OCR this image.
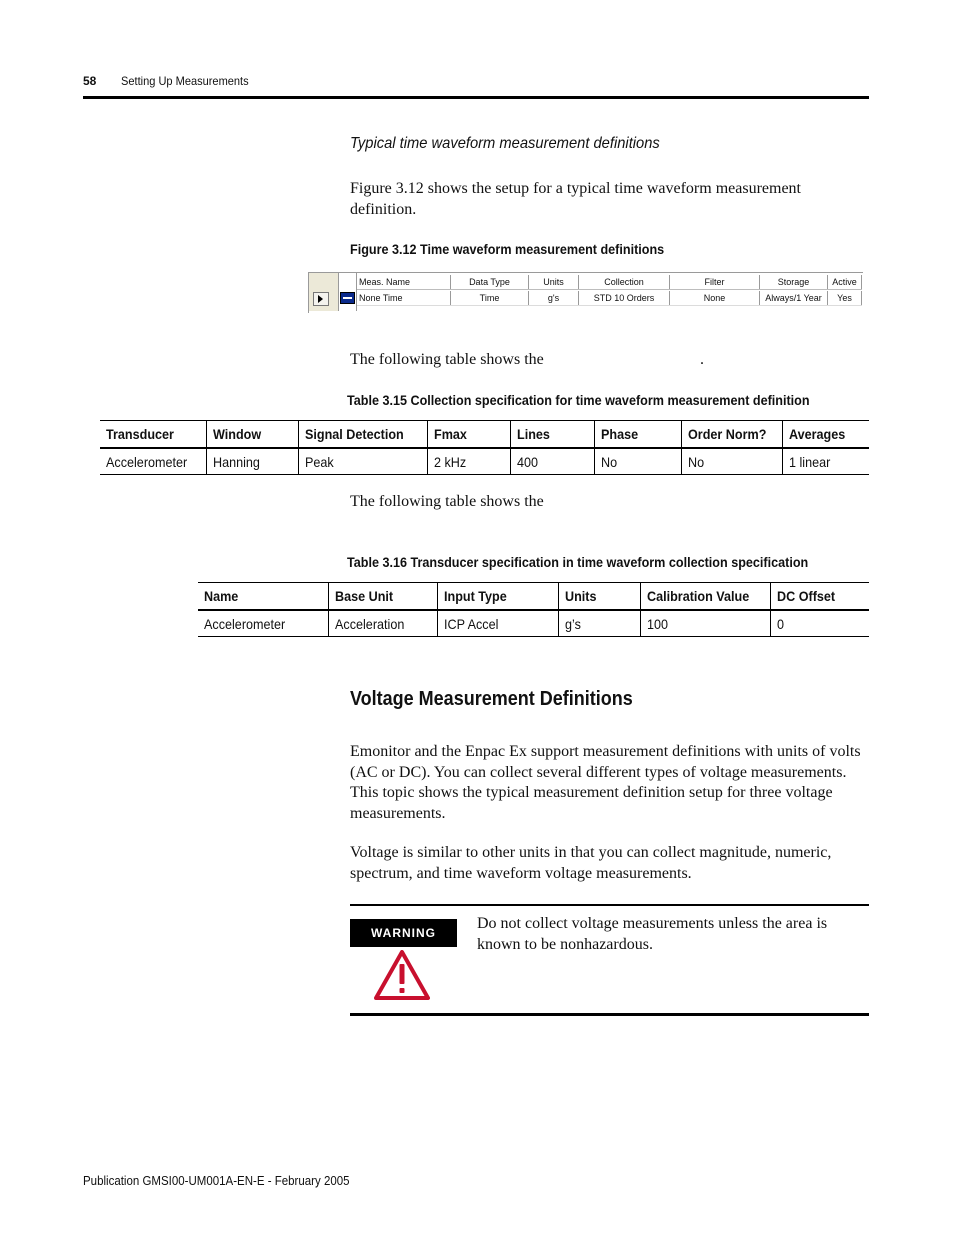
58 Setting Up Measurements
Typical time waveform measurement definitions
Figure 3.12 shows the setup for a typical time waveform measurement definition.
Figure 3.12 Time waveform measurement definitions
Meas. Name	Data Type	Units	Collection	Filter	Storage	Active
None Time	Time	g's	STD 10 Orders	None	Always/1 Year	Yes
The following table shows the	.
Table 3.15 Collection specification for time waveform measurement definition
Transducer	Window	Signal Detection	Fmax	Lines	Phase	Order Norm?	Averages
Accelerometer	Hanning	Peak	2 kHz	400	No	No	1 linear
The following table shows the
Table 3.16 Transducer specification in time waveform collection specification
Name	Base Unit	Input Type	Units	Calibration Value	DC Offset
Accelerometer	Acceleration	ICP Accel	g’s	100	0
Voltage Measurement Definitions
Emonitor and the Enpac Ex support measurement definitions with units of volts (AC or DC). You can collect several different types of voltage measurements. This topic shows the typical measurement definition setup for three voltage measurements.
Voltage is similar to other units in that you can collect magnitude, numeric, spectrum, and time waveform voltage measurements.
WARNING
Do not collect voltage measurements unless the area is known to be nonhazardous.
Publication GMSI00-UM001A-EN-E - February 2005
